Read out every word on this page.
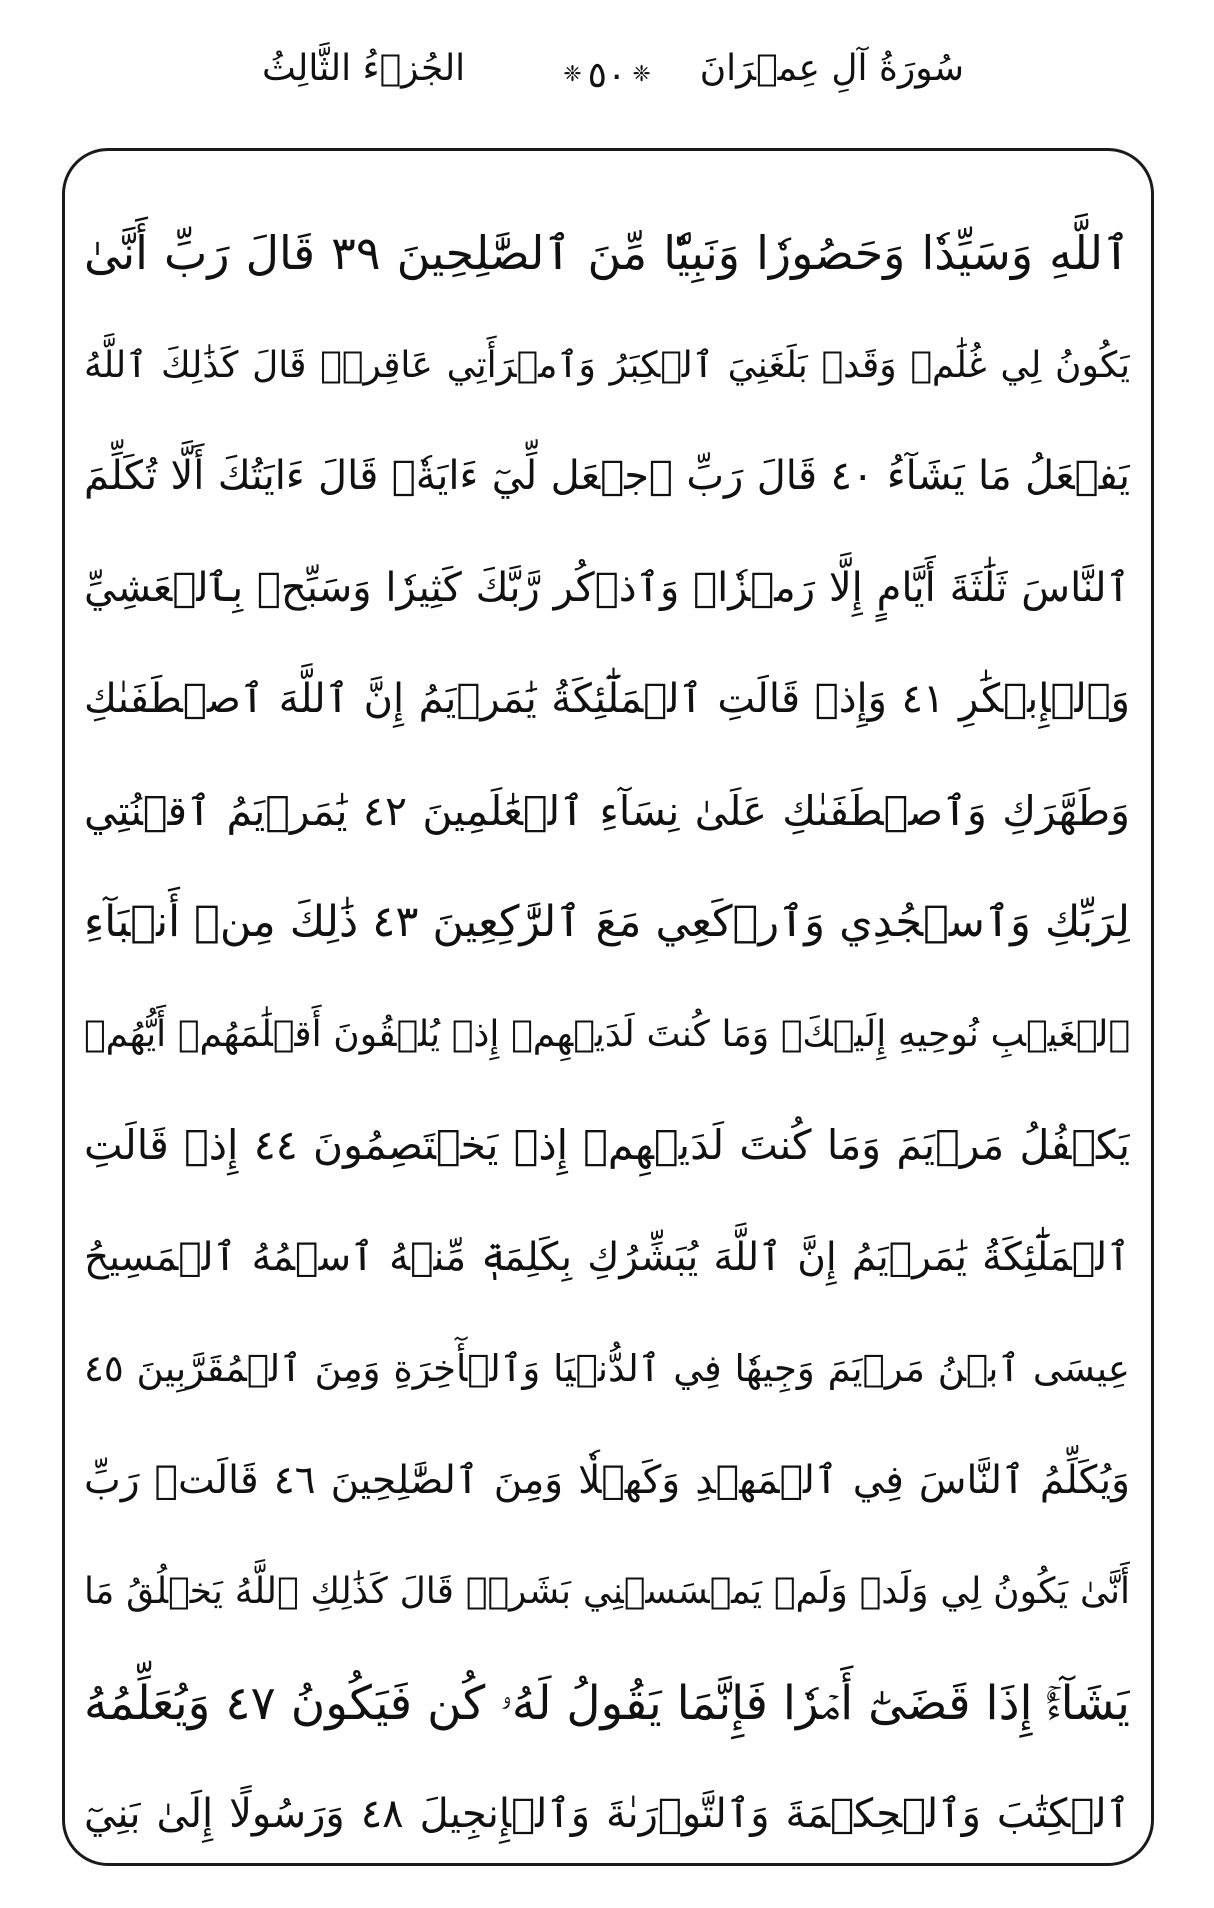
سُورَةُ آلِ عِمۡرَانَ
❈ ٥٠ ❈
الجُزۡءُ الثَّالِثُ
ٱللَّهِ وَسَيِّدٗا وَحَصُورٗا وَنَبِيّٗا مِّنَ ٱلصَّٰلِحِينَ ٣٩ قَالَ رَبِّ أَنَّىٰ
يَكُونُ لِي غُلَٰمٞ وَقَدۡ بَلَغَنِيَ ٱلۡكِبَرُ وَٱمۡرَأَتِي عَاقِرٞۖ قَالَ كَذَٰلِكَ ٱللَّهُ
يَفۡعَلُ مَا يَشَآءُ ٤٠ قَالَ رَبِّ ٱجۡعَل لِّيٓ ءَايَةٗۖ قَالَ ءَايَتُكَ أَلَّا تُكَلِّمَ
ٱلنَّاسَ ثَلَٰثَةَ أَيَّامٍ إِلَّا رَمۡزٗاۗ وَٱذۡكُر رَّبَّكَ كَثِيرٗا وَسَبِّحۡ بِٱلۡعَشِيِّ
وَٱلۡإِبۡكَٰرِ ٤١ وَإِذۡ قَالَتِ ٱلۡمَلَٰٓئِكَةُ يَٰمَرۡيَمُ إِنَّ ٱللَّهَ ٱصۡطَفَىٰكِ
وَطَهَّرَكِ وَٱصۡطَفَىٰكِ عَلَىٰ نِسَآءِ ٱلۡعَٰلَمِينَ ٤٢ يَٰمَرۡيَمُ ٱقۡنُتِي
لِرَبِّكِ وَٱسۡجُدِي وَٱرۡكَعِي مَعَ ٱلرَّٰكِعِينَ ٤٣ ذَٰلِكَ مِنۡ أَنۢبَآءِ
ٱلۡغَيۡبِ نُوحِيهِ إِلَيۡكَۚ وَمَا كُنتَ لَدَيۡهِمۡ إِذۡ يُلۡقُونَ أَقۡلَٰمَهُمۡ أَيُّهُمۡ
يَكۡفُلُ مَرۡيَمَ وَمَا كُنتَ لَدَيۡهِمۡ إِذۡ يَخۡتَصِمُونَ ٤٤ إِذۡ قَالَتِ
ٱلۡمَلَٰٓئِكَةُ يَٰمَرۡيَمُ إِنَّ ٱللَّهَ يُبَشِّرُكِ بِكَلِمَةٖ مِّنۡهُ ٱسۡمُهُ ٱلۡمَسِيحُ
عِيسَى ٱبۡنُ مَرۡيَمَ وَجِيهٗا فِي ٱلدُّنۡيَا وَٱلۡأٓخِرَةِ وَمِنَ ٱلۡمُقَرَّبِينَ ٤٥
وَيُكَلِّمُ ٱلنَّاسَ فِي ٱلۡمَهۡدِ وَكَهۡلٗا وَمِنَ ٱلصَّٰلِحِينَ ٤٦ قَالَتۡ رَبِّ
أَنَّىٰ يَكُونُ لِي وَلَدٞ وَلَمۡ يَمۡسَسۡنِي بَشَرٞۖ قَالَ كَذَٰلِكِ ٱللَّهُ يَخۡلُقُ مَا
يَشَآءُۚ إِذَا قَضَىٰٓ أَمۡرٗا فَإِنَّمَا يَقُولُ لَهُۥ كُن فَيَكُونُ ٤٧ وَيُعَلِّمُهُ
ٱلۡكِتَٰبَ وَٱلۡحِكۡمَةَ وَٱلتَّوۡرَىٰةَ وَٱلۡإِنجِيلَ ٤٨ وَرَسُولًا إِلَىٰ بَنِيٓ
